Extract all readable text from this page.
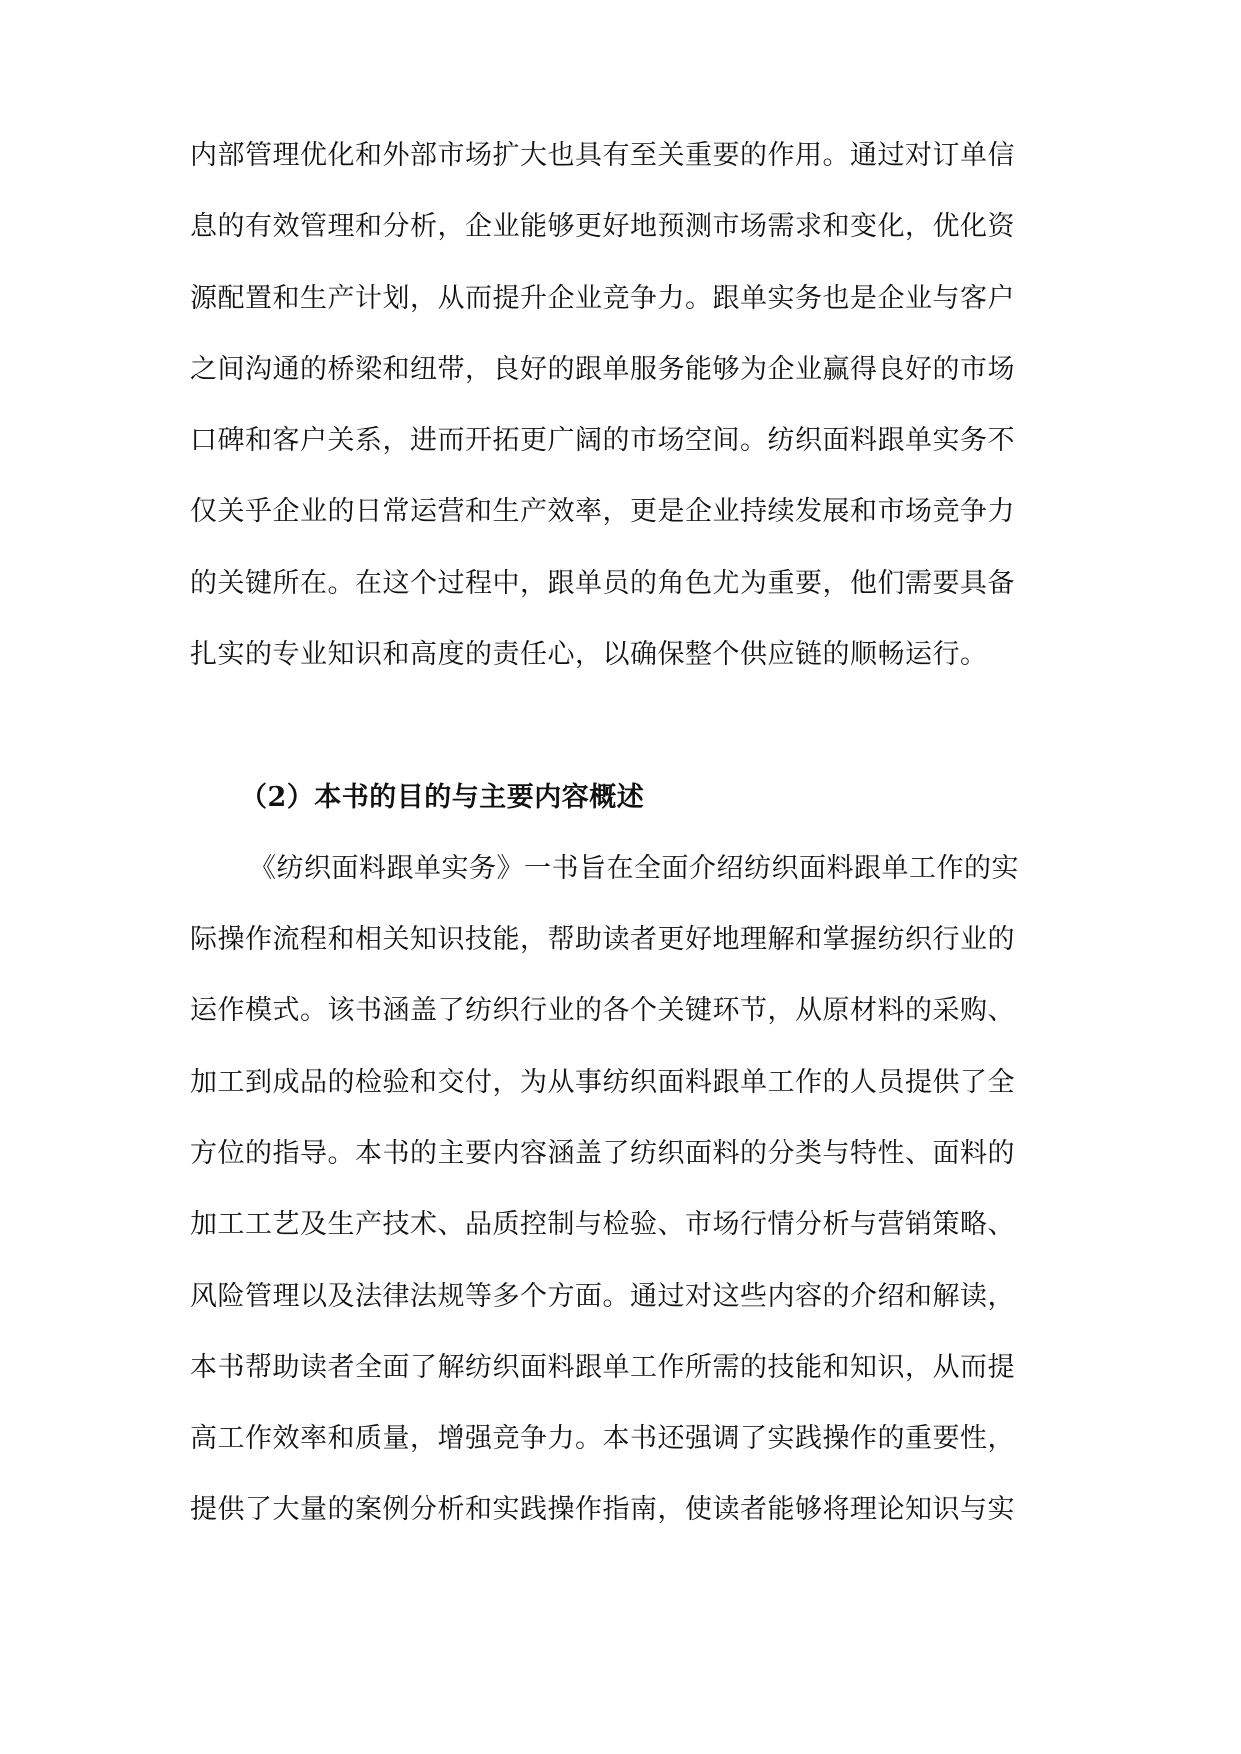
内部管理优化和外部市场扩大也具有至关重要的作用。通过对订单信
息的有效管理和分析，企业能够更好地预测市场需求和变化，优化资
源配置和生产计划，从而提升企业竞争力。跟单实务也是企业与客户
之间沟通的桥梁和纽带，良好的跟单服务能够为企业赢得良好的市场
口碑和客户关系，进而开拓更广阔的市场空间。纺织面料跟单实务不
仅关乎企业的日常运营和生产效率，更是企业持续发展和市场竞争力
的关键所在。在这个过程中，跟单员的角色尤为重要，他们需要具备
扎实的专业知识和高度的责任心，以确保整个供应链的顺畅运行。
（2）本书的目的与主要内容概述
《纺织面料跟单实务》一书旨在全面介绍纺织面料跟单工作的实
际操作流程和相关知识技能，帮助读者更好地理解和掌握纺织行业的
运作模式。该书涵盖了纺织行业的各个关键环节，从原材料的采购、
加工到成品的检验和交付，为从事纺织面料跟单工作的人员提供了全
方位的指导。本书的主要内容涵盖了纺织面料的分类与特性、面料的
加工工艺及生产技术、品质控制与检验、市场行情分析与营销策略、
风险管理以及法律法规等多个方面。通过对这些内容的介绍和解读，
本书帮助读者全面了解纺织面料跟单工作所需的技能和知识，从而提
高工作效率和质量，增强竞争力。本书还强调了实践操作的重要性，
提供了大量的案例分析和实践操作指南，使读者能够将理论知识与实
